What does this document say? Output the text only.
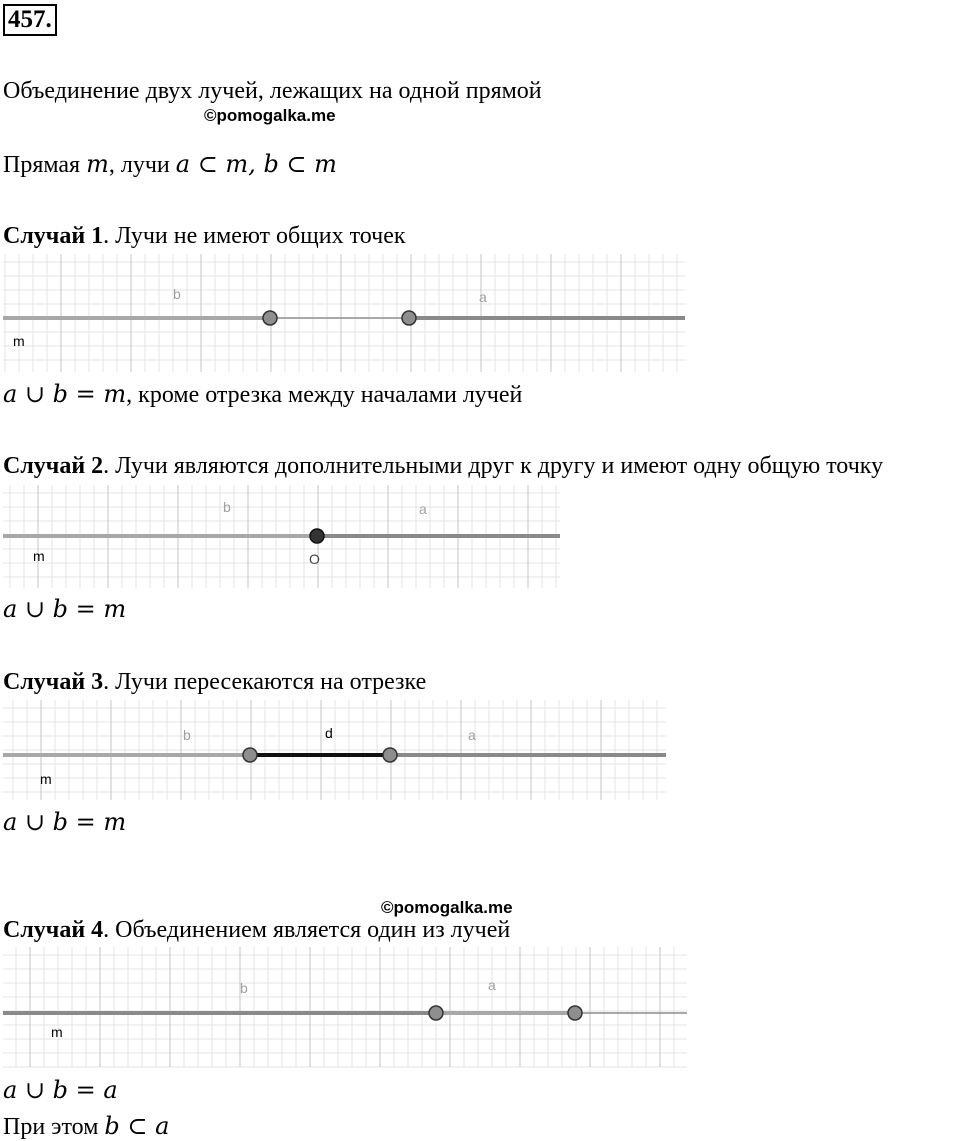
457.
Объединение двух лучей, лежащих на одной прямой
©pomogalka.me
Прямая m, лучи a ⊂ m, b ⊂ m
Случай 1. Лучи не имеют общих точек
b	a
m
a ∪ b = m, кроме отрезка между началами лучей
Случай 2. Лучи являются дополнительными друг к другу и имеют одну общую точку
b	a
m	O
a ∪ b = m
Случай 3. Лучи пересекаются на отрезке
b	d	a
m
a ∪ b = m
©pomogalka.me
Случай 4. Объединением является один из лучей
b	a
m
a ∪ b = a
При этом b ⊂ a
